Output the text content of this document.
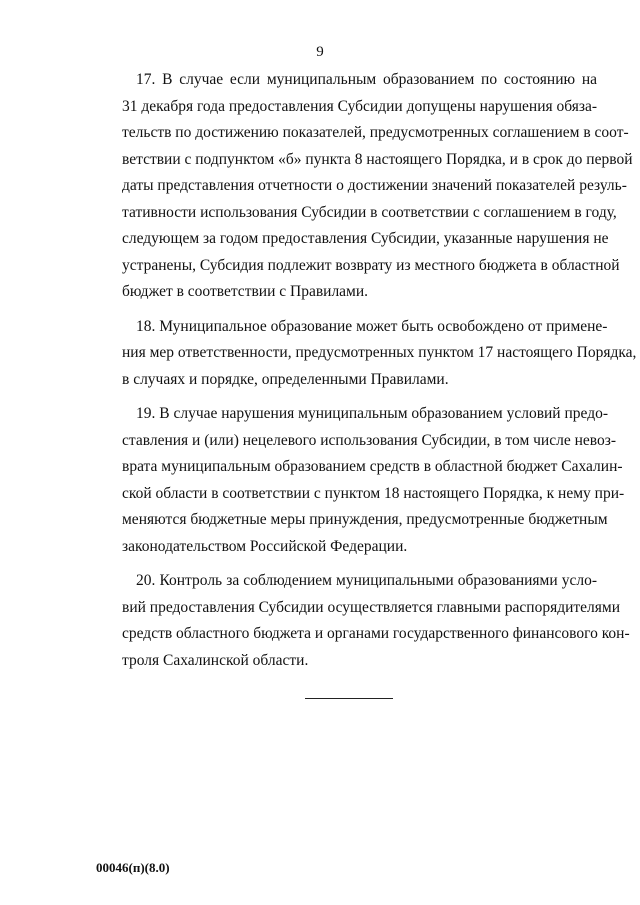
9

17. В случае если муниципальным образованием по состоянию на
31 декабря года предоставления Субсидии допущены нарушения обяза-
тельств по достижению показателей, предусмотренных соглашением в соот-
ветствии с подпунктом «б» пункта 8 настоящего Порядка, и в срок до первой
даты представления отчетности о достижении значений показателей резуль-
тативности использования Субсидии в соответствии с соглашением в году,
следующем за годом предоставления Субсидии, указанные нарушения не
устранены, Субсидия подлежит возврату из местного бюджета в областной
бюджет в соответствии с Правилами.

18. Муниципальное образование может быть освобождено от примене-
ния мер ответственности, предусмотренных пунктом 17 настоящего Порядка,
в случаях и порядке, определенными Правилами.

19. В случае нарушения муниципальным образованием условий предо-
ставления и (или) нецелевого использования Субсидии, в том числе невоз-
врата муниципальным образованием средств в областной бюджет Сахалин-
ской области в соответствии с пунктом 18 настоящего Порядка, к нему при-
меняются бюджетные меры принуждения, предусмотренные бюджетным
законодательством Российской Федерации.

20. Контроль за соблюдением муниципальными образованиями усло-
вий предоставления Субсидии осуществляется главными распорядителями
средств областного бюджета и органами государственного финансового кон-
троля Сахалинской области.

00046(п)(8.0)
